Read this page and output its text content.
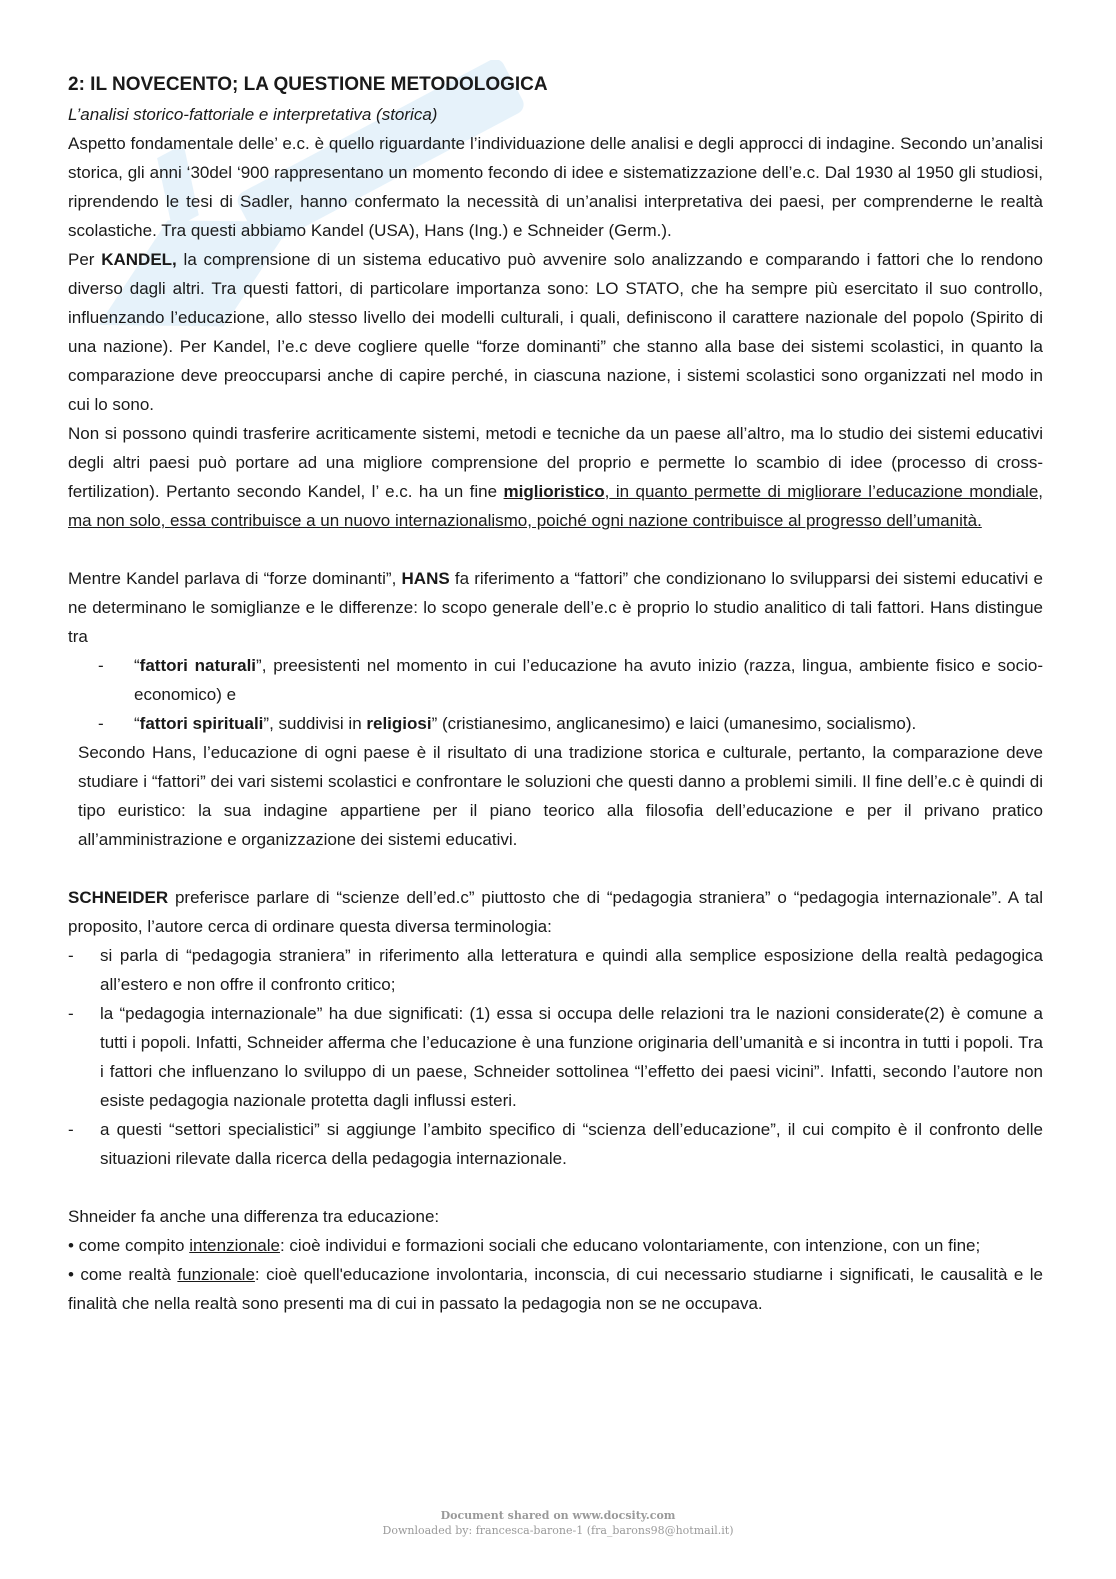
2: IL NOVECENTO; LA QUESTIONE METODOLOGICA

L’analisi storico-fattoriale e interpretativa (storica)

Aspetto fondamentale delle’ e.c. è quello riguardante l’individuazione delle analisi e degli approcci di indagine. Secondo un’analisi storica, gli anni ‘30del ‘900 rappresentano un momento fecondo di idee e sistematizzazione dell’e.c. Dal 1930 al 1950 gli studiosi, riprendendo le tesi di Sadler, hanno confermato la necessità di un’analisi interpretativa dei paesi, per comprenderne le realtà scolastiche. Tra questi abbiamo Kandel (USA), Hans (Ing.) e Schneider (Germ.).

Per KANDEL, la comprensione di un sistema educativo può avvenire solo analizzando e comparando i fattori che lo rendono diverso dagli altri. Tra questi fattori, di particolare importanza sono: LO STATO, che ha sempre più esercitato il suo controllo, influenzando l’educazione, allo stesso livello dei modelli culturali, i quali, definiscono il carattere nazionale del popolo (Spirito di una nazione). Per Kandel, l’e.c deve cogliere quelle “forze dominanti” che stanno alla base dei sistemi scolastici, in quanto la comparazione deve preoccuparsi anche di capire perché, in ciascuna nazione, i sistemi scolastici sono organizzati nel modo in cui lo sono.

Non si possono quindi trasferire acriticamente sistemi, metodi e tecniche da un paese all’altro, ma lo studio dei sistemi educativi degli altri paesi può portare ad una migliore comprensione del proprio e permette lo scambio di idee (processo di cross-fertilization). Pertanto secondo Kandel, l’ e.c. ha un fine miglioristico, in quanto permette di migliorare l’educazione mondiale, ma non solo, essa contribuisce a un nuovo internazionalismo, poiché ogni nazione contribuisce al progresso dell’umanità.

Mentre Kandel parlava di “forze dominanti”, HANS fa riferimento a “fattori” che condizionano lo svilupparsi dei sistemi educativi e ne determinano le somiglianze e le differenze: lo scopo generale dell’e.c è proprio lo studio analitico di tali fattori. Hans distingue tra

- “fattori naturali”, preesistenti nel momento in cui l’educazione ha avuto inizio (razza, lingua, ambiente fisico e socio-economico) e
- “fattori spirituali”, suddivisi in religiosi” (cristianesimo, anglicanesimo) e laici (umanesimo, socialismo).

Secondo Hans, l’educazione di ogni paese è il risultato di una tradizione storica e culturale, pertanto, la comparazione deve studiare i “fattori” dei vari sistemi scolastici e confrontare le soluzioni che questi danno a problemi simili. Il fine dell’e.c è quindi di tipo euristico: la sua indagine appartiene per il piano teorico alla filosofia dell’educazione e per il privano pratico all’amministrazione e organizzazione dei sistemi educativi.

SCHNEIDER preferisce parlare di “scienze dell’ed.c” piuttosto che di “pedagogia straniera” o “pedagogia internazionale”. A tal proposito, l’autore cerca di ordinare questa diversa terminologia:

- si parla di “pedagogia straniera” in riferimento alla letteratura e quindi alla semplice esposizione della realtà pedagogica all’estero e non offre il confronto critico;
- la “pedagogia internazionale” ha due significati: (1) essa si occupa delle relazioni tra le nazioni considerate(2) è comune a tutti i popoli. Infatti, Schneider afferma che l’educazione è una funzione originaria dell’umanità e si incontra in tutti i popoli. Tra i fattori che influenzano lo sviluppo di un paese, Schneider sottolinea “l’effetto dei paesi vicini”. Infatti, secondo l’autore non esiste pedagogia nazionale protetta dagli influssi esteri.
- a questi “settori specialistici” si aggiunge l’ambito specifico di “scienza dell’educazione”, il cui compito è il confronto delle situazioni rilevate dalla ricerca della pedagogia internazionale.

Shneider fa anche una differenza tra educazione:

• come compito intenzionale: cioè individui e formazioni sociali che educano volontariamente, con intenzione, con un fine;

• come realtà funzionale: cioè quell'educazione involontaria, inconscia, di cui necessario studiarne i significati, le causalità e le finalità che nella realtà sono presenti ma di cui in passato la pedagogia non se ne occupava.

Document shared on www.docsity.com
Downloaded by: francesca-barone-1 (fra_barons98@hotmail.it)
